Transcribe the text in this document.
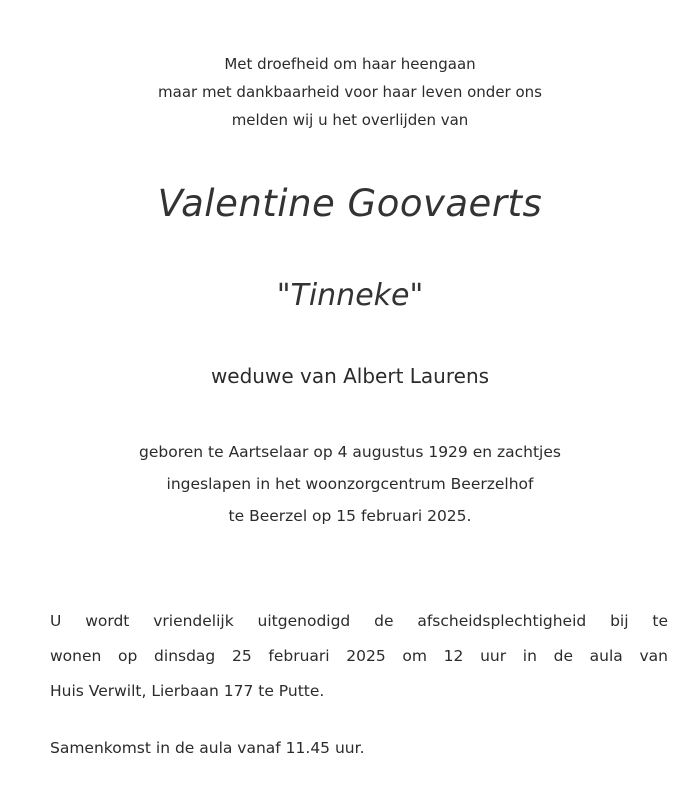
Met droefheid om haar heengaan
maar met dankbaarheid voor haar leven onder ons
melden wij u het overlijden van
Valentine Goovaerts
"Tinneke"
weduwe van Albert Laurens
geboren te Aartselaar op 4 augustus 1929 en zachtjes
ingeslapen in het woonzorgcentrum Beerzelhof
te Beerzel op 15 februari 2025.
U wordt vriendelijk uitgenodigd de afscheidsplechtigheid bij te
wonen op dinsdag 25 februari 2025 om 12 uur in de aula van
Huis Verwilt, Lierbaan 177 te Putte.
Samenkomst in de aula vanaf 11.45 uur.
